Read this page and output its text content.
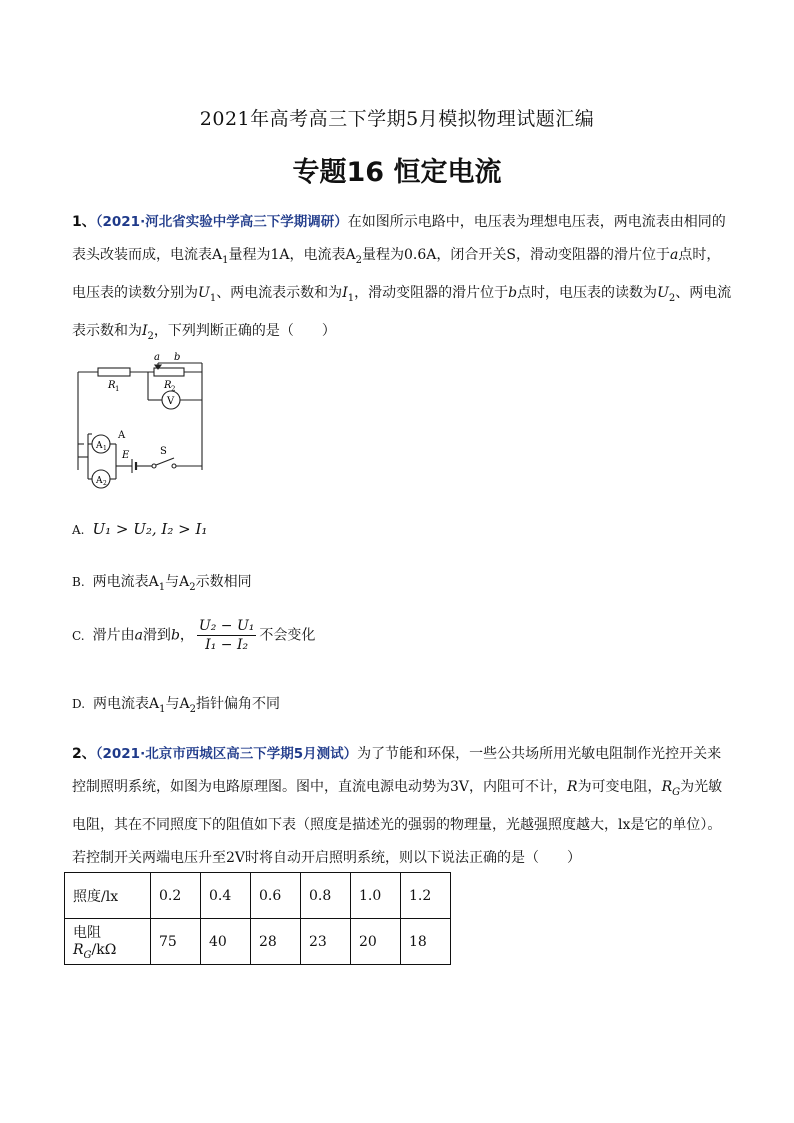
2021年高考高三下学期5月模拟物理试题汇编
专题16 恒定电流
1、（2021·河北省实验中学高三下学期调研）在如图所示电路中，电压表为理想电压表，两电流表由相同的表头改装而成，电流表$A_1$量程为1A，电流表$A_2$量程为0.6A，闭合开关S，滑动变阻器的滑片位于a点时，电压表的读数分别为$U_1$、两电流表示数和为$I_1$，滑动变阻器的滑片位于b点时，电压表的读数为$U_2$、两电流表示数和为$I_2$，下列判断正确的是（　　）
a b
R 1	R 2
V
A
A 1
A 2
E	S
A. U₁ > U₂, I₂ > I₁
B. 两电流表$A_1$与$A_2$示数相同
C. 滑片由a滑到b， $\frac{\text{U₂ − U₁}}{\text{I₁ − I₂}}$ 不会变化
D. 两电流表$A_1$与$A_2$指针偏角不同
2、（2021·北京市西城区高三下学期5月测试）为了节能和环保，一些公共场所用光敏电阻制作光控开关来控制照明系统，如图为电路原理图。图中，直流电源电动势为3V，内阻可不计，R为可变电阻，$R_G$为光敏电阻，其在不同照度下的阻值如下表（照度是描述光的强弱的物理量，光越强照度越大，lx是它的单位）。若控制开关两端电压升至2V时将自动开启照明系统，则以下说法正确的是（　　）
照度/lx	0.2	0.4	0.6	0.8	1.0	1.2
电阻 $R_G/k\Omega$	75	40	28	23	20	18
